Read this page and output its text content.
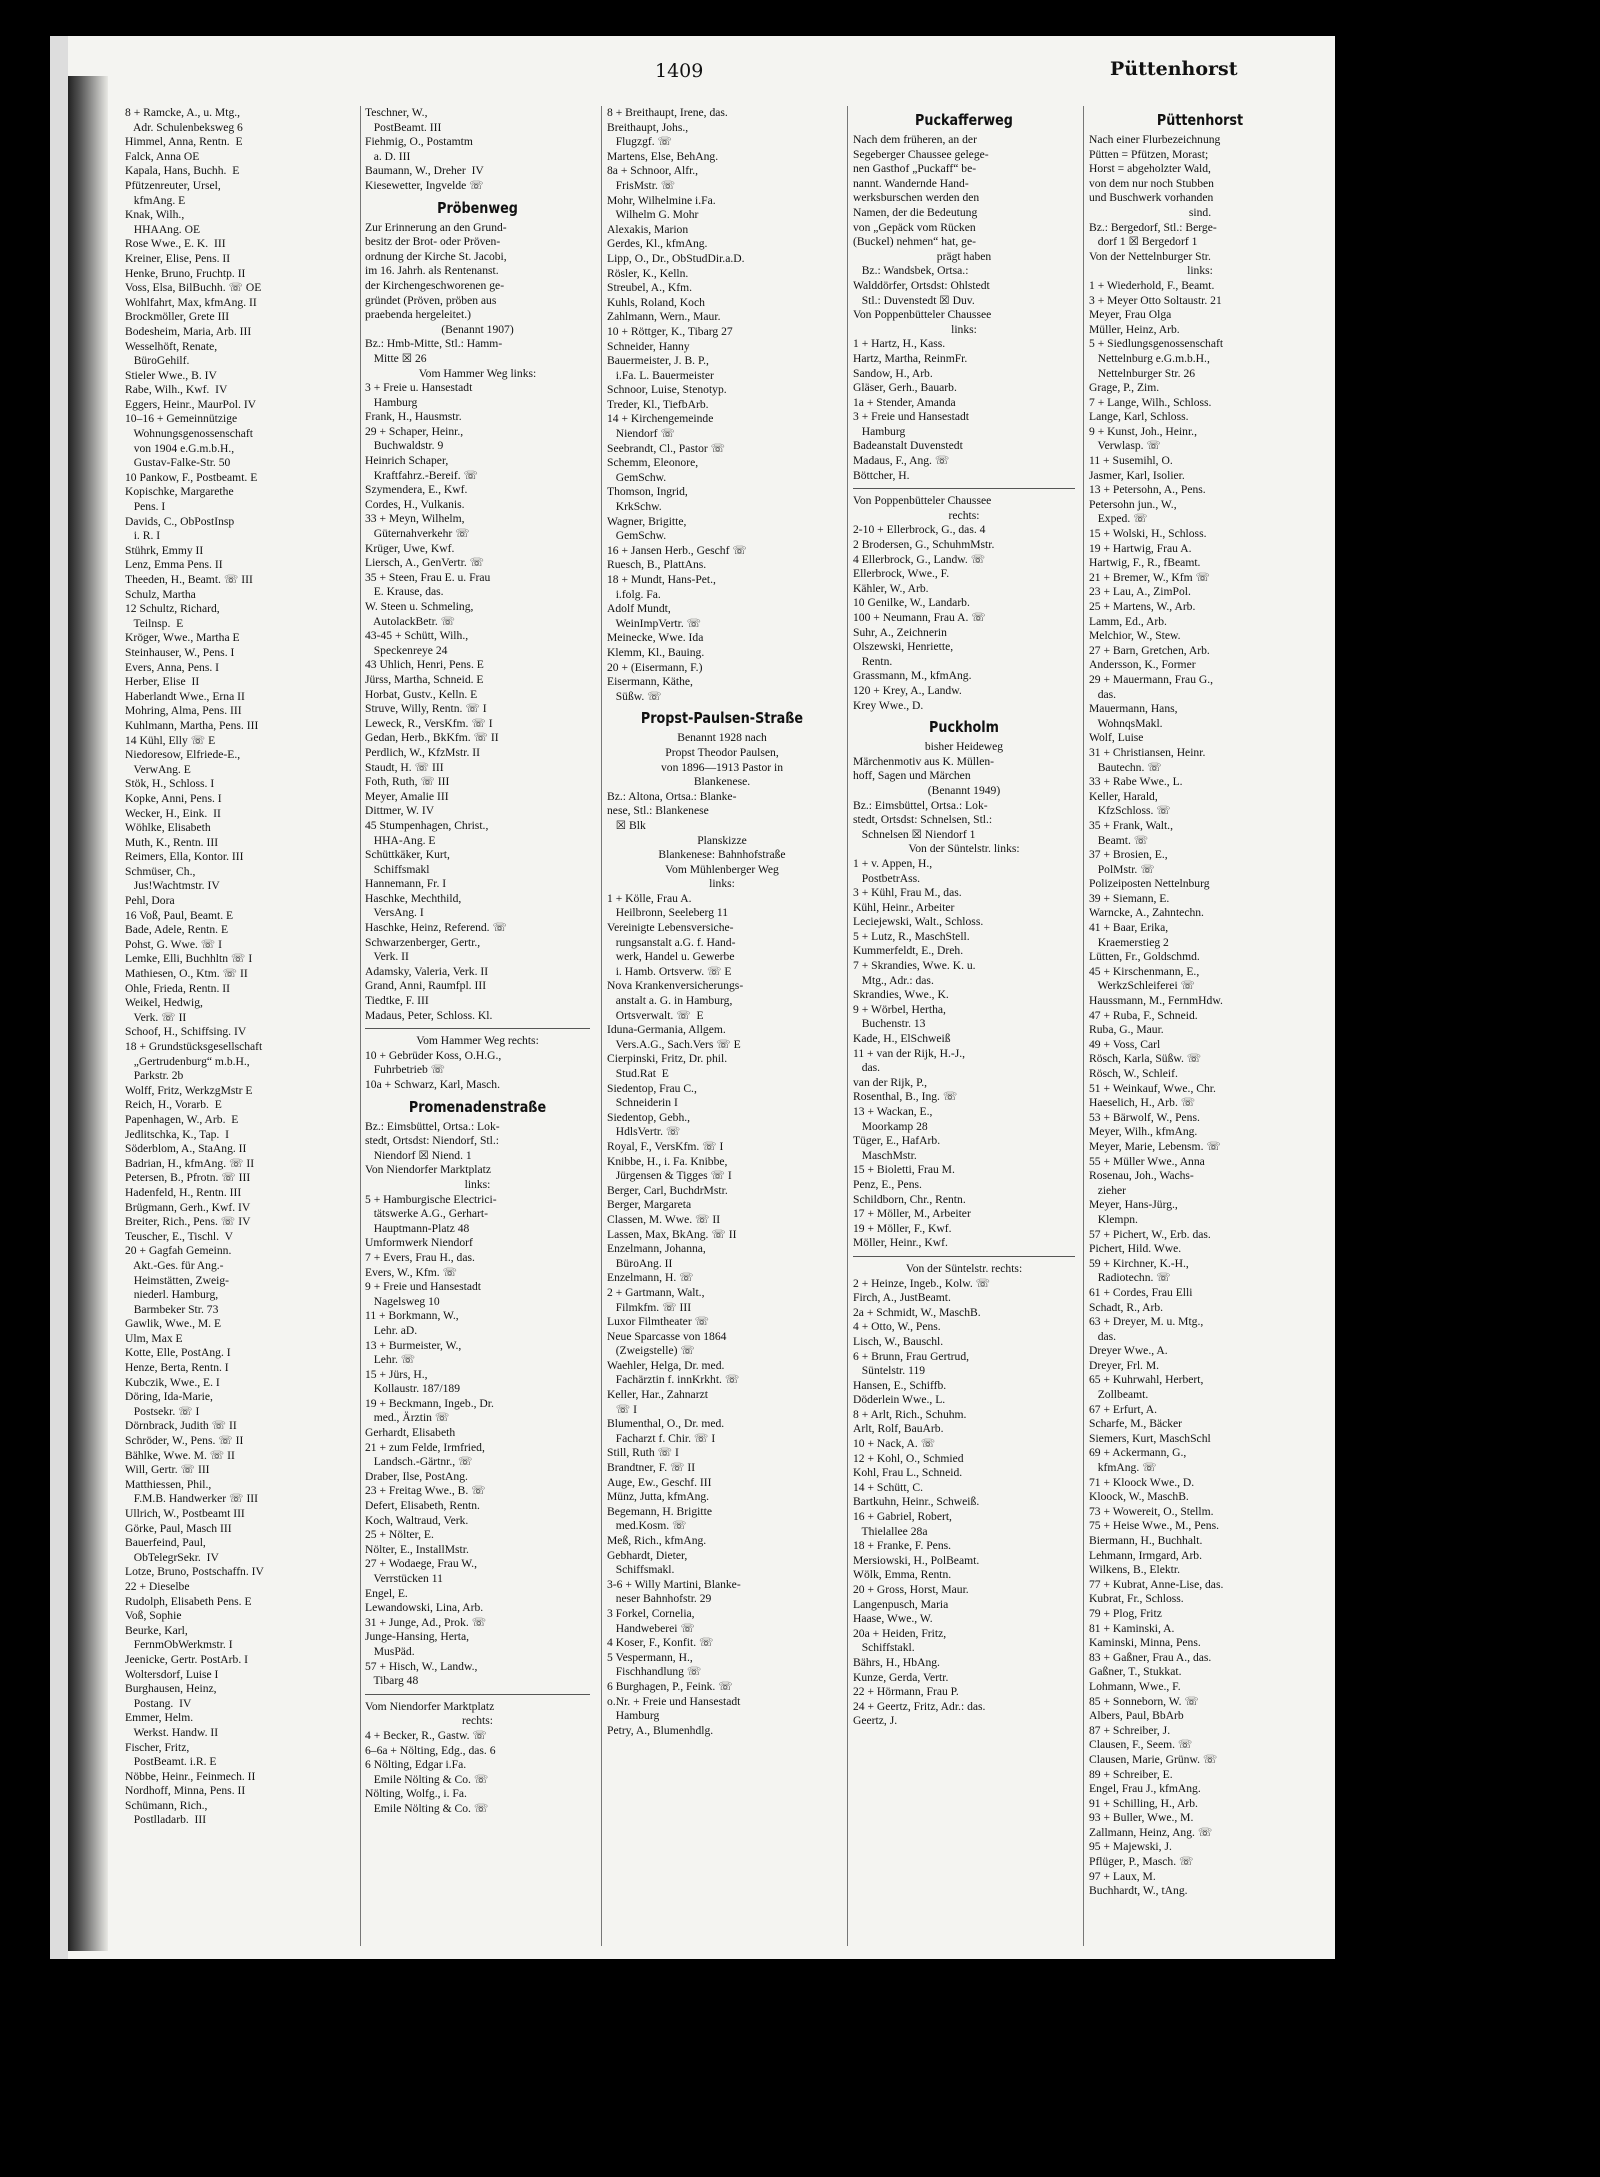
1409	Püttenhorst
8 + Ramcke, A., u. Mtg.,
Adr. Schulenbeksweg 6
Himmel, Anna, Rentn.  E
Falck, Anna OE
Kapala, Hans, Buchh.  E
Pfützenreuter, Ursel,
kfmAng. E
Knak, Wilh.,
HHAAng. OE
Rose Wwe., E. K.  III
Kreiner, Elise, Pens. II
Henke, Bruno, Fruchtp. II
Voss, Elsa, BilBuchh. ☏ OE
Wohlfahrt, Max, kfmAng. II
Brockmöller, Grete III
Bodesheim, Maria, Arb. III
Wesselhöft, Renate,
BüroGehilf.
Stieler Wwe., B. IV
Rabe, Wilh., Kwf.  IV
Eggers, Heinr., MaurPol. IV
10–16 + Gemeinnützige
Wohnungsgenossenschaft
von 1904 e.G.m.b.H.,
Gustav-Falke-Str. 50
10 Pankow, F., Postbeamt. E
Kopischke, Margarethe
Pens. I
Davids, C., ObPostInsp
i. R. I
Stührk, Emmy II
Lenz, Emma Pens. II
Theeden, H., Beamt. ☏ III
Schulz, Martha
12 Schultz, Richard,
Teilnsp.  E
Kröger, Wwe., Martha E
Steinhauser, W., Pens. I
Evers, Anna, Pens. I
Herber, Elise  II
Haberlandt Wwe., Erna II
Mohring, Alma, Pens. III
Kuhlmann, Martha, Pens. III
14 Kühl, Elly ☏ E
Niedoresow, Elfriede-E.,
VerwAng. E
Stök, H., Schloss. I
Kopke, Anni, Pens. I
Wecker, H., Eink.  II
Wöhlke, Elisabeth
Muth, K., Rentn. III
Reimers, Ella, Kontor. III
Schmüser, Ch.,
Jus!Wachtmstr. IV
Pehl, Dora
16 Voß, Paul, Beamt. E
Bade, Adele, Rentn. E
Pohst, G. Wwe. ☏ I
Lemke, Elli, Buchhltn ☏ I
Mathiesen, O., Ktm. ☏ II
Ohle, Frieda, Rentn. II
Weikel, Hedwig,
Verk. ☏ II
Schoof, H., Schiffsing. IV
18 + Grundstücksgesellschaft
„Gertrudenburg“ m.b.H.,
Parkstr. 2b
Wolff, Fritz, WerkzgMstr E
Reich, H., Vorarb.  E
Papenhagen, W., Arb.  E
Jedlitschka, K., Tap.  I
Söderblom, A., StaAng. II
Badrian, H., kfmAng. ☏ II
Petersen, B., Pfrotn. ☏ III
Hadenfeld, H., Rentn. III
Brügmann, Gerh., Kwf. IV
Breiter, Rich., Pens. ☏ IV
Teuscher, E., Tischl.  V
20 + Gagfah Gemeinn.
Akt.-Ges. für Ang.-
Heimstätten, Zweig-
niederl. Hamburg,
Barmbeker Str. 73
Gawlik, Wwe., M. E
Ulm, Max E
Kotte, Elle, PostAng. I
Henze, Berta, Rentn. I
Kubczik, Wwe., E. I
Döring, Ida-Marie,
Postsekr. ☏ I
Dörnbrack, Judith ☏ II
Schröder, W., Pens. ☏ II
Bählke, Wwe. M. ☏ II
Will, Gertr. ☏ III
Matthiessen, Phil.,
F.M.B. Handwerker ☏ III
Ullrich, W., Postbeamt III
Görke, Paul, Masch III
Bauerfeind, Paul,
ObTelegrSekr.  IV
Lotze, Bruno, Postschaffn. IV
22 + Dieselbe
Rudolph, Elisabeth Pens. E
Voß, Sophie
Beurke, Karl,
FernmObWerkmstr. I
Jeenicke, Gertr. PostArb. I
Woltersdorf, Luise I
Burghausen, Heinz,
Postang.  IV
Emmer, Helm.
Werkst. Handw. II
Fischer, Fritz,
PostBeamt. i.R. E
Nöbbe, Heinr., Feinmech. II
Nordhoff, Minna, Pens. II
Schümann, Rich.,
Postlladarb.  III
Teschner, W.,
PostBeamt. III
Fiehmig, O., Postamtm
a. D. III
Baumann, W., Dreher  IV
Kiesewetter, Ingvelde ☏
Pröbenweg
Zur Erinnerung an den Grund-
besitz der Brot- oder Pröven-
ordnung der Kirche St. Jacobi,
im 16. Jahrh. als Rentenanst.
der Kirchengeschworenen ge-
gründet (Pröven, pröben aus
praebenda hergeleitet.)
(Benannt 1907)
Bz.: Hmb-Mitte, Stl.: Hamm-
Mitte ☒ 26
Vom Hammer Weg links:
3 + Freie u. Hansestadt
Hamburg
Frank, H., Hausmstr.
29 + Schaper, Heinr.,
Buchwaldstr. 9
Heinrich Schaper,
Kraftfahrz.-Bereif. ☏
Szymendera, E., Kwf.
Cordes, H., Vulkanis.
33 + Meyn, Wilhelm,
Güternahverkehr ☏
Krüger, Uwe, Kwf.
Liersch, A., GenVertr. ☏
35 + Steen, Frau E. u. Frau
E. Krause, das.
W. Steen u. Schmeling,
AutolackBetr. ☏
43-45 + Schütt, Wilh.,
Speckenreye 24
43 Uhlich, Henri, Pens. E
Jürss, Martha, Schneid. E
Horbat, Gustv., Kelln. E
Struve, Willy, Rentn. ☏ I
Leweck, R., VersKfm. ☏ I
Gedan, Herb., BkKfm. ☏ II
Perdlich, W., KfzMstr. II
Staudt, H. ☏ III
Foth, Ruth, ☏ III
Meyer, Amalie III
Dittmer, W. IV
45 Stumpenhagen, Christ.,
HHA-Ang. E
Schüttkäker, Kurt,
Schiffsmakl
Hannemann, Fr. I
Haschke, Mechthild,
VersAng. I
Haschke, Heinz, Referend. ☏
Schwarzenberger, Gertr.,
Verk. II
Adamsky, Valeria, Verk. II
Grand, Anni, Raumfpl. III
Tiedtke, F. III
Madaus, Peter, Schloss. Kl.
Vom Hammer Weg rechts:
10 + Gebrüder Koss, O.H.G.,
Fuhrbetrieb ☏
10a + Schwarz, Karl, Masch.
Promenadenstraße
Bz.: Eimsbüttel, Ortsa.: Lok-
stedt, Ortsdst: Niendorf, Stl.:
Niendorf ☒ Niend. 1
Von Niendorfer Marktplatz
links:
5 + Hamburgische Electrici-
tätswerke A.G., Gerhart-
Hauptmann-Platz 48
Umformwerk Niendorf
7 + Evers, Frau H., das.
Evers, W., Kfm. ☏
9 + Freie und Hansestadt
Nagelsweg 10
11 + Borkmann, W.,
Lehr. aD.
13 + Burmeister, W.,
Lehr. ☏
15 + Jürs, H.,
Kollaustr. 187/189
19 + Beckmann, Ingeb., Dr.
med., Ärztin ☏
Gerhardt, Elisabeth
21 + zum Felde, Irmfried,
Landsch.-Gärtnr., ☏
Draber, Ilse, PostAng.
23 + Freitag Wwe., B. ☏
Defert, Elisabeth, Rentn.
Koch, Waltraud, Verk.
25 + Nölter, E.
Nölter, E., InstallMstr.
27 + Wodaege, Frau W.,
Verrstücken 11
Engel, E.
Lewandowski, Lina, Arb.
31 + Junge, Ad., Prok. ☏
Junge-Hansing, Herta,
MusPäd.
57 + Hisch, W., Landw.,
Tibarg 48
Vom Niendorfer Marktplatz
rechts:
4 + Becker, R., Gastw. ☏
6–6a + Nölting, Edg., das. 6
6 Nölting, Edgar i.Fa.
Emile Nölting & Co. ☏
Nölting, Wolfg., i. Fa.
Emile Nölting & Co. ☏
8 + Breithaupt, Irene, das.
Breithaupt, Johs.,
Flugzgf. ☏
Martens, Else, BehAng.
8a + Schnoor, Alfr.,
FrisMstr. ☏
Mohr, Wilhelmine i.Fa.
Wilhelm G. Mohr
Alexakis, Marion
Gerdes, Kl., kfmAng.
Lipp, O., Dr., ObStudDir.a.D.
Rösler, K., Kelln.
Streubel, A., Kfm.
Kuhls, Roland, Koch
Zahlmann, Wern., Maur.
10 + Röttger, K., Tibarg 27
Schneider, Hanny
Bauermeister, J. B. P.,
i.Fa. L. Bauermeister
Schnoor, Luise, Stenotyp.
Treder, Kl., TiefbArb.
14 + Kirchengemeinde
Niendorf ☏
Seebrandt, Cl., Pastor ☏
Schemm, Eleonore,
GemSchw.
Thomson, Ingrid,
KrkSchw.
Wagner, Brigitte,
GemSchw.
16 + Jansen Herb., Geschf ☏
Ruesch, B., PlattAns.
18 + Mundt, Hans-Pet.,
i.folg. Fa.
Adolf Mundt,
WeinImpVertr. ☏
Meinecke, Wwe. Ida
Klemm, Kl., Bauing.
20 + (Eisermann, F.)
Eisermann, Käthe,
Süßw. ☏
Propst-Paulsen-Straße
Benannt 1928 nach
Propst Theodor Paulsen,
von 1896—1913 Pastor in
Blankenese.
Bz.: Altona, Ortsa.: Blanke-
nese, Stl.: Blankenese
☒ Blk
Planskizze
Blankenese: Bahnhofstraße
Vom Mühlenberger Weg
links:
1 + Kölle, Frau A.
Heilbronn, Seeleberg 11
Vereinigte Lebensversiche-
rungsanstalt a.G. f. Hand-
werk, Handel u. Gewerbe
i. Hamb. Ortsverw. ☏ E
Nova Krankenversicherungs-
anstalt a. G. in Hamburg,
Ortsverwalt. ☏  E
Iduna-Germania, Allgem.
Vers.A.G., Sach.Vers ☏ E
Cierpinski, Fritz, Dr. phil.
Stud.Rat  E
Siedentop, Frau C.,
Schneiderin I
Siedentop, Gebh.,
HdlsVertr. ☏
Royal, F., VersKfm. ☏ I
Knibbe, H., i. Fa. Knibbe,
Jürgensen & Tigges ☏ I
Berger, Carl, BuchdrMstr.
Berger, Margareta
Classen, M. Wwe. ☏ II
Lassen, Max, BkAng. ☏ II
Enzelmann, Johanna,
BüroAng. II
Enzelmann, H. ☏
2 + Gartmann, Walt.,
Filmkfm. ☏ III
Luxor Filmtheater ☏
Neue Sparcasse von 1864
(Zweigstelle) ☏
Waehler, Helga, Dr. med.
Fachärztin f. innKrkht. ☏
Keller, Har., Zahnarzt
☏ I
Blumenthal, O., Dr. med.
Facharzt f. Chir. ☏ I
Still, Ruth ☏ I
Brandtner, F. ☏ II
Auge, Ew., Geschf. III
Münz, Jutta, kfmAng.
Begemann, H. Brigitte
med.Kosm. ☏
Meß, Rich., kfmAng.
Gebhardt, Dieter,
Schiffsmakl.
3-6 + Willy Martini, Blanke-
neser Bahnhofstr. 29
3 Forkel, Cornelia,
Handweberei ☏
4 Koser, F., Konfit. ☏
5 Vespermann, H.,
Fischhandlung ☏
6 Burghagen, P., Feink. ☏
o.Nr. + Freie und Hansestadt
Hamburg
Petry, A., Blumenhdlg.
Puckafferweg
Nach dem früheren, an der
Segeberger Chaussee gelege-
nen Gasthof „Puckaff“ be-
nannt. Wandernde Hand-
werksburschen werden den
Namen, der die Bedeutung
von „Gepäck vom Rücken
(Buckel) nehmen“ hat, ge-
prägt haben
Bz.: Wandsbek, Ortsa.:
Walddörfer, Ortsdst: Ohlstedt
Stl.: Duvenstedt ☒ Duv.
Von Poppenbütteler Chaussee
links:
1 + Hartz, H., Kass.
Hartz, Martha, ReinmFr.
Sandow, H., Arb.
Gläser, Gerh., Bauarb.
1a + Stender, Amanda
3 + Freie und Hansestadt
Hamburg
Badeanstalt Duvenstedt
Madaus, F., Ang. ☏
Böttcher, H.
Von Poppenbütteler Chaussee
rechts:
2-10 + Ellerbrock, G., das. 4
2 Brodersen, G., SchuhmMstr.
4 Ellerbrock, G., Landw. ☏
Ellerbrock, Wwe., F.
Kähler, W., Arb.
10 Genilke, W., Landarb.
100 + Neumann, Frau A. ☏
Suhr, A., Zeichnerin
Olszewski, Henriette,
Rentn.
Grassmann, M., kfmAng.
120 + Krey, A., Landw.
Krey Wwe., D.
Puckholm
bisher Heideweg
Märchenmotiv aus K. Müllen-
hoff, Sagen und Märchen
(Benannt 1949)
Bz.: Eimsbüttel, Ortsa.: Lok-
stedt, Ortsdst: Schnelsen, Stl.:
Schnelsen ☒ Niendorf 1
Von der Süntelstr. links:
1 + v. Appen, H.,
PostbetrAss.
3 + Kühl, Frau M., das.
Kühl, Heinr., Arbeiter
Leciejewski, Walt., Schloss.
5 + Lutz, R., MaschStell.
Kummerfeldt, E., Dreh.
7 + Skrandies, Wwe. K. u.
Mtg., Adr.: das.
Skrandies, Wwe., K.
9 + Wörbel, Hertha,
Buchenstr. 13
Kade, H., ElSchweiß
11 + van der Rijk, H.-J.,
das.
van der Rijk, P.,
Rosenthal, B., Ing. ☏
13 + Wackan, E.,
Moorkamp 28
Tüger, E., HafArb.
MaschMstr.
15 + Bioletti, Frau M.
Penz, E., Pens.
Schildborn, Chr., Rentn.
17 + Möller, M., Arbeiter
19 + Möller, F., Kwf.
Möller, Heinr., Kwf.
Von der Süntelstr. rechts:
2 + Heinze, Ingeb., Kolw. ☏
Firch, A., JustBeamt.
2a + Schmidt, W., MaschB.
4 + Otto, W., Pens.
Lisch, W., Bauschl.
6 + Brunn, Frau Gertrud,
Süntelstr. 119
Hansen, E., Schiffb.
Döderlein Wwe., L.
8 + Arlt, Rich., Schuhm.
Arlt, Rolf, BauArb.
10 + Nack, A. ☏
12 + Kohl, O., Schmied
Kohl, Frau L., Schneid.
14 + Schütt, C.
Bartkuhn, Heinr., Schweiß.
16 + Gabriel, Robert,
Thielallee 28a
18 + Franke, F. Pens.
Mersiowski, H., PolBeamt.
Wölk, Emma, Rentn.
20 + Gross, Horst, Maur.
Langenpusch, Maria
Haase, Wwe., W.
20a + Heiden, Fritz,
Schiffstakl.
Bährs, H., HbAng.
Kunze, Gerda, Vertr.
22 + Hörmann, Frau P.
24 + Geertz, Fritz, Adr.: das.
Geertz, J.
Püttenhorst
Nach einer Flurbezeichnung
Pütten = Pfützen, Morast;
Horst = abgeholzter Wald,
von dem nur noch Stubben
und Buschwerk vorhanden
sind.
Bz.: Bergedorf, Stl.: Berge-
dorf 1 ☒ Bergedorf 1
Von der Nettelnburger Str.
links:
1 + Wiederhold, F., Beamt.
3 + Meyer Otto Soltaustr. 21
Meyer, Frau Olga
Müller, Heinz, Arb.
5 + Siedlungsgenossenschaft
Nettelnburg e.G.m.b.H.,
Nettelnburger Str. 26
Grage, P., Zim.
7 + Lange, Wilh., Schloss.
Lange, Karl, Schloss.
9 + Kunst, Joh., Heinr.,
Verwlasp. ☏
11 + Susemihl, O.
Jasmer, Karl, Isolier.
13 + Petersohn, A., Pens.
Petersohn jun., W.,
Exped. ☏
15 + Wolski, H., Schloss.
19 + Hartwig, Frau A.
Hartwig, F., R., fBeamt.
21 + Bremer, W., Kfm ☏
23 + Lau, A., ZimPol.
25 + Martens, W., Arb.
Lamm, Ed., Arb.
Melchior, W., Stew.
27 + Barn, Gretchen, Arb.
Andersson, K., Former
29 + Mauermann, Frau G.,
das.
Mauermann, Hans,
WohnqsMakl.
Wolf, Luise
31 + Christiansen, Heinr.
Bautechn. ☏
33 + Rabe Wwe., L.
Keller, Harald,
KfzSchloss. ☏
35 + Frank, Walt.,
Beamt. ☏
37 + Brosien, E.,
PolMstr. ☏
Polizeiposten Nettelnburg
39 + Siemann, E.
Warncke, A., Zahntechn.
41 + Baar, Erika,
Kraemerstieg 2
Lütten, Fr., Goldschmd.
45 + Kirschenmann, E.,
WerkzSchleiferei ☏
Haussmann, M., FernmHdw.
47 + Ruba, F., Schneid.
Ruba, G., Maur.
49 + Voss, Carl
Rösch, Karla, Süßw. ☏
Rösch, W., Schleif.
51 + Weinkauf, Wwe., Chr.
Haeselich, H., Arb. ☏
53 + Bärwolf, W., Pens.
Meyer, Wilh., kfmAng.
Meyer, Marie, Lebensm. ☏
55 + Müller Wwe., Anna
Rosenau, Joh., Wachs-
zieher
Meyer, Hans-Jürg.,
Klempn.
57 + Pichert, W., Erb. das.
Pichert, Hild. Wwe.
59 + Kirchner, K.-H.,
Radiotechn. ☏
61 + Cordes, Frau Elli
Schadt, R., Arb.
63 + Dreyer, M. u. Mtg.,
das.
Dreyer Wwe., A.
Dreyer, Frl. M.
65 + Kuhrwahl, Herbert,
Zollbeamt.
67 + Erfurt, A.
Scharfe, M., Bäcker
Siemers, Kurt, MaschSchl
69 + Ackermann, G.,
kfmAng. ☏
71 + Kloock Wwe., D.
Kloock, W., MaschB.
73 + Wowereit, O., Stellm.
75 + Heise Wwe., M., Pens.
Biermann, H., Buchhalt.
Lehmann, Irmgard, Arb.
Wilkens, B., Elektr.
77 + Kubrat, Anne-Lise, das.
Kubrat, Fr., Schloss.
79 + Plog, Fritz
81 + Kaminski, A.
Kaminski, Minna, Pens.
83 + Gaßner, Frau A., das.
Gaßner, T., Stukkat.
Lohmann, Wwe., F.
85 + Sonneborn, W. ☏
Albers, Paul, BbArb
87 + Schreiber, J.
Clausen, F., Seem. ☏
Clausen, Marie, Grünw. ☏
89 + Schreiber, E.
Engel, Frau J., kfmAng.
91 + Schilling, H., Arb.
93 + Buller, Wwe., M.
Zallmann, Heinz, Ang. ☏
95 + Majewski, J.
Pflüger, P., Masch. ☏
97 + Laux, M.
Buchhardt, W., tAng.
